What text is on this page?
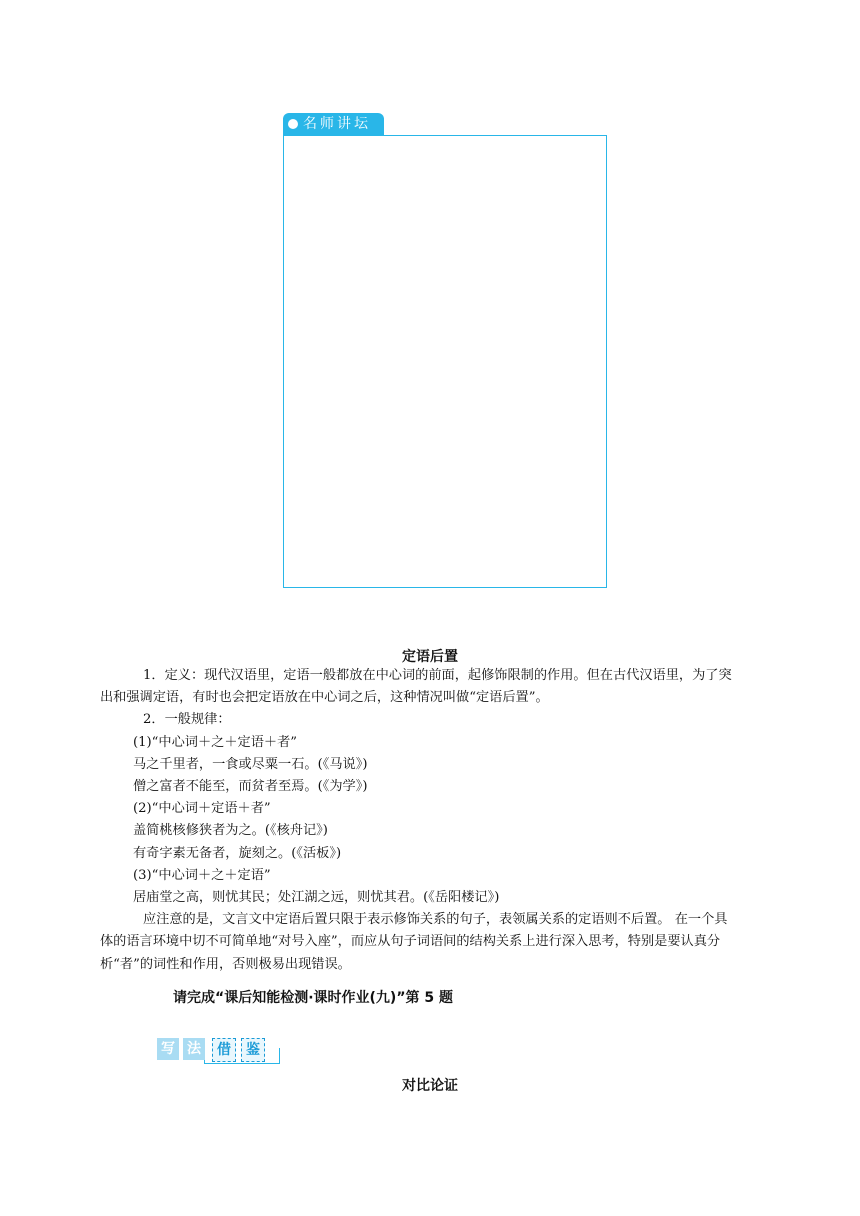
名师讲坛
定语后置

1．定义：现代汉语里，定语一般都放在中心词的前面，起修饰限制的作用。但在古代汉语里，为了突出和强调定语，有时也会把定语放在中心词之后，这种情况叫做“定语后置”。

2．一般规律：

(1)“中心词＋之＋定语＋者”

马之千里者，一食或尽粟一石。(《马说》)

僧之富者不能至，而贫者至焉。(《为学》)

(2)“中心词＋定语＋者”

盖简桃核修狭者为之。(《核舟记》)

有奇字素无备者，旋刻之。(《活板》)

(3)“中心词＋之＋定语”

居庙堂之高，则忧其民；处江湖之远，则忧其君。(《岳阳楼记》)

应注意的是，文言文中定语后置只限于表示修饰关系的句子，表领属关系的定语则不后置。 在一个具体的语言环境中切不可简单地“对号入座”，而应从句子词语间的结构关系上进行深入思考，特别是要认真分析“者”的词性和作用，否则极易出现错误。

请完成“课后知能检测·课时作业(九)”第 5 题
写 法	借	鉴
对比论证
